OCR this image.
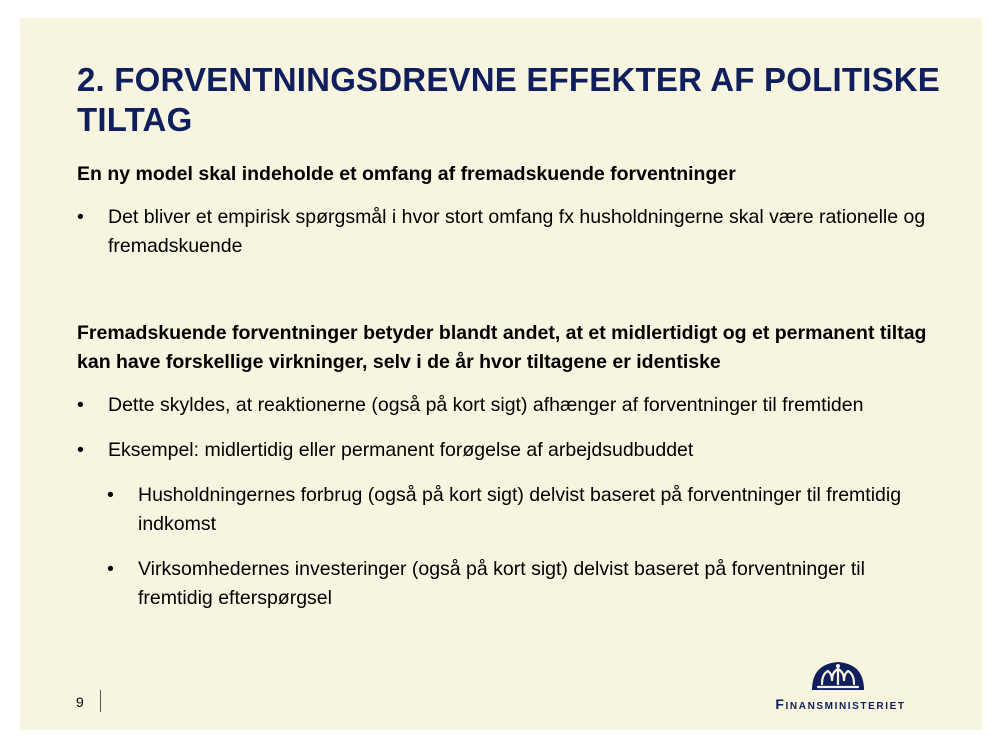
2. FORVENTNINGSDREVNE EFFEKTER AF POLITISKE TILTAG

En ny model skal indeholde et omfang af fremadskuende forventninger

• Det bliver et empirisk spørgsmål i hvor stort omfang fx husholdningerne skal være rationelle og fremadskuende

Fremadskuende forventninger betyder blandt andet, at et midlertidigt og et permanent tiltag kan have forskellige virkninger, selv i de år hvor tiltagene er identiske

• Dette skyldes, at reaktionerne (også på kort sigt) afhænger af forventninger til fremtiden

• Eksempel: midlertidig eller permanent forøgelse af arbejdsudbuddet

• Husholdningernes forbrug (også på kort sigt) delvist baseret på forventninger til fremtidig indkomst

• Virksomhedernes investeringer (også på kort sigt) delvist baseret på forventninger til fremtidig efterspørgsel

9	Finansministeriet
